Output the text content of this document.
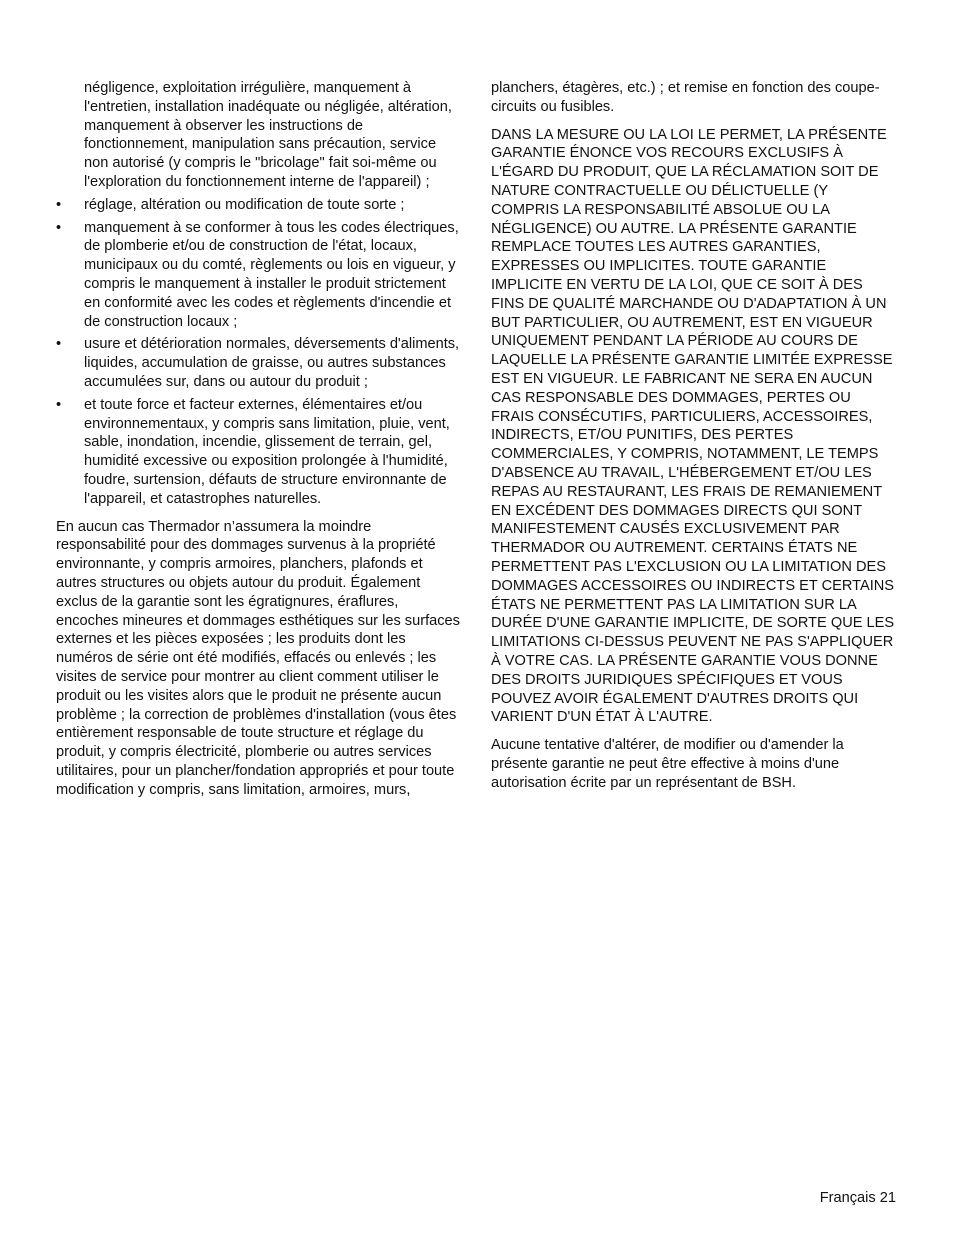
négligence, exploitation irrégulière, manquement à l'entretien, installation inadéquate ou négligée, altération, manquement à observer les instructions de fonctionnement, manipulation sans précaution, service non autorisé (y compris le "bricolage" fait soi-même ou l'exploration du fonctionnement interne de l'appareil) ;

•	réglage, altération ou modification de toute sorte ;
•	manquement à se conformer à tous les codes électriques, de plomberie et/ou de construction de l'état, locaux, municipaux ou du comté, règlements ou lois en vigueur, y compris le manquement à installer le produit strictement en conformité avec les codes et règlements d'incendie et de construction locaux ;
•	usure et détérioration normales, déversements d'aliments, liquides, accumulation de graisse, ou autres substances accumulées sur, dans ou autour du produit ;
•	et toute force et facteur externes, élémentaires et/ou environnementaux, y compris sans limitation, pluie, vent, sable, inondation, incendie, glissement de terrain, gel, humidité excessive ou exposition prolongée à l'humidité, foudre, surtension, défauts de structure environnante de l'appareil, et catastrophes naturelles.

En aucun cas Thermador n’assumera la moindre responsabilité pour des dommages survenus à la propriété environnante, y compris armoires, planchers, plafonds et autres structures ou objets autour du produit. Également exclus de la garantie sont les égratignures, éraflures, encoches mineures et dommages esthétiques sur les surfaces externes et les pièces exposées ; les produits dont les numéros de série ont été modifiés, effacés ou enlevés ; les visites de service pour montrer au client comment utiliser le produit ou les visites alors que le produit ne présente aucun problème ; la correction de problèmes d'installation (vous êtes entièrement responsable de toute structure et réglage du produit, y compris électricité, plomberie ou autres services utilitaires, pour un plancher/fondation appropriés et pour toute modification y compris, sans limitation, armoires, murs,

planchers, étagères, etc.) ; et remise en fonction des coupe-circuits ou fusibles.

DANS LA MESURE OU LA LOI LE PERMET, LA PRÉSENTE GARANTIE ÉNONCE VOS RECOURS EXCLUSIFS À L'ÉGARD DU PRODUIT, QUE LA RÉCLAMATION SOIT DE NATURE CONTRACTUELLE OU DÉLICTUELLE (Y COMPRIS LA RESPONSABILITÉ ABSOLUE OU LA NÉGLIGENCE) OU AUTRE. LA PRÉSENTE GARANTIE REMPLACE TOUTES LES AUTRES GARANTIES, EXPRESSES OU IMPLICITES. TOUTE GARANTIE IMPLICITE EN VERTU DE LA LOI, QUE CE SOIT À DES FINS DE QUALITÉ MARCHANDE OU D'ADAPTATION À UN BUT PARTICULIER, OU AUTREMENT, EST EN VIGUEUR UNIQUEMENT PENDANT LA PÉRIODE AU COURS DE LAQUELLE LA PRÉSENTE GARANTIE LIMITÉE EXPRESSE EST EN VIGUEUR. LE FABRICANT NE SERA EN AUCUN CAS RESPONSABLE DES DOMMAGES, PERTES OU FRAIS CONSÉCUTIFS, PARTICULIERS, ACCESSOIRES, INDIRECTS, ET/OU PUNITIFS, DES PERTES COMMERCIALES, Y COMPRIS, NOTAMMENT, LE TEMPS D'ABSENCE AU TRAVAIL, L'HÉBERGEMENT ET/OU LES REPAS AU RESTAURANT, LES FRAIS DE REMANIEMENT EN EXCÉDENT DES DOMMAGES DIRECTS QUI SONT MANIFESTEMENT CAUSÉS EXCLUSIVEMENT PAR THERMADOR OU AUTREMENT. CERTAINS ÉTATS NE PERMETTENT PAS L'EXCLUSION OU LA LIMITATION DES DOMMAGES ACCESSOIRES OU INDIRECTS ET CERTAINS ÉTATS NE PERMETTENT PAS LA LIMITATION SUR LA DURÉE D'UNE GARANTIE IMPLICITE, DE SORTE QUE LES LIMITATIONS CI-DESSUS PEUVENT NE PAS S'APPLIQUER À VOTRE CAS. LA PRÉSENTE GARANTIE VOUS DONNE DES DROITS JURIDIQUES SPÉCIFIQUES ET VOUS POUVEZ AVOIR ÉGALEMENT D'AUTRES DROITS QUI VARIENT D'UN ÉTAT À L'AUTRE.

Aucune tentative d'altérer, de modifier ou d'amender la présente garantie ne peut être effective à moins d'une autorisation écrite par un représentant de BSH.

Français 21
